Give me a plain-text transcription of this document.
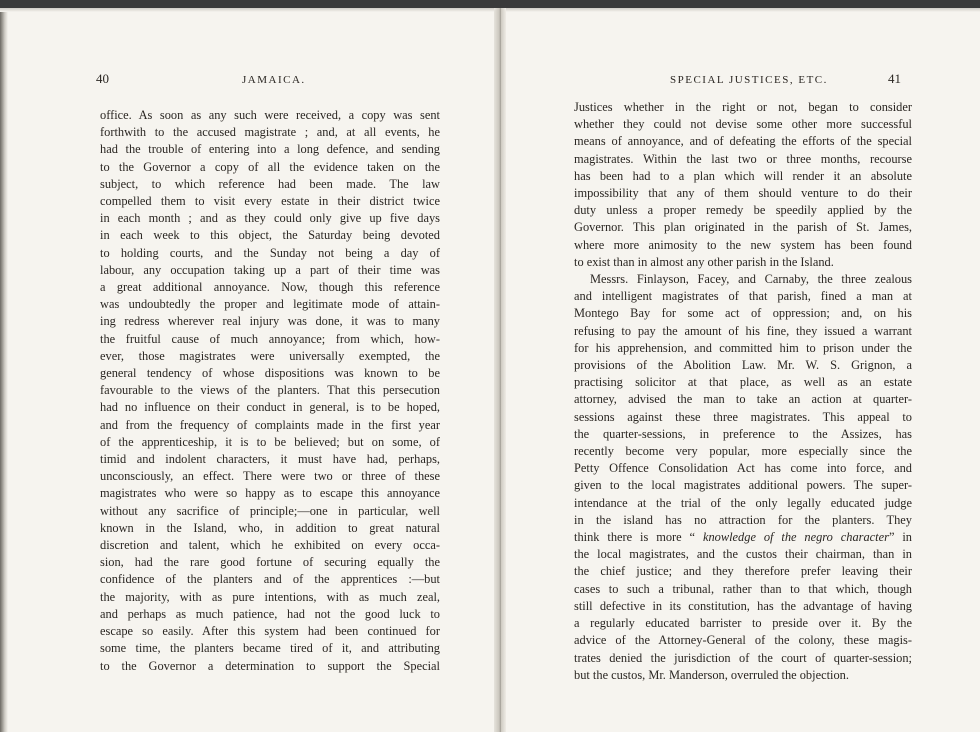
40	JAMAICA.	SPECIAL JUSTICES, ETC.	41
office. As soon as any such were received, a copy was sent
forthwith to the accused magistrate ; and, at all events, he
had the trouble of entering into a long defence, and sending
to the Governor a copy of all the evidence taken on the
subject, to which reference had been made. The law
compelled them to visit every estate in their district twice
in each month ; and as they could only give up five days
in each week to this object, the Saturday being devoted
to holding courts, and the Sunday not being a day of
labour, any occupation taking up a part of their time was
a great additional annoyance. Now, though this reference
was undoubtedly the proper and legitimate mode of attain-
ing redress wherever real injury was done, it was to many
the fruitful cause of much annoyance; from which, how-
ever, those magistrates were universally exempted, the
general tendency of whose dispositions was known to be
favourable to the views of the planters. That this persecution
had no influence on their conduct in general, is to be hoped,
and from the frequency of complaints made in the first year
of the apprenticeship, it is to be believed; but on some, of
timid and indolent characters, it must have had, perhaps,
unconsciously, an effect. There were two or three of these
magistrates who were so happy as to escape this annoyance
without any sacrifice of principle;—one in particular, well
known in the Island, who, in addition to great natural
discretion and talent, which he exhibited on every occa-
sion, had the rare good fortune of securing equally the
confidence of the planters and of the apprentices :—but
the majority, with as pure intentions, with as much zeal,
and perhaps as much patience, had not the good luck to
escape so easily. After this system had been continued for
some time, the planters became tired of it, and attributing
to the Governor a determination to support the Special
Justices whether in the right or not, began to consider
whether they could not devise some other more successful
means of annoyance, and of defeating the efforts of the special
magistrates. Within the last two or three months, recourse
has been had to a plan which will render it an absolute
impossibility that any of them should venture to do their
duty unless a proper remedy be speedily applied by the
Governor. This plan originated in the parish of St. James,
where more animosity to the new system has been found
to exist than in almost any other parish in the Island.
Messrs. Finlayson, Facey, and Carnaby, the three zealous
and intelligent magistrates of that parish, fined a man at
Montego Bay for some act of oppression; and, on his
refusing to pay the amount of his fine, they issued a warrant
for his apprehension, and committed him to prison under the
provisions of the Abolition Law. Mr. W. S. Grignon, a
practising solicitor at that place, as well as an estate
attorney, advised the man to take an action at quarter-
sessions against these three magistrates. This appeal to
the quarter-sessions, in preference to the Assizes, has
recently become very popular, more especially since the
Petty Offence Consolidation Act has come into force, and
given to the local magistrates additional powers. The super-
intendance at the trial of the only legally educated judge
in the island has no attraction for the planters. They
think there is more “ knowledge of the negro character” in
the local magistrates, and the custos their chairman, than in
the chief justice; and they therefore prefer leaving their
cases to such a tribunal, rather than to that which, though
still defective in its constitution, has the advantage of having
a regularly educated barrister to preside over it. By the
advice of the Attorney-General of the colony, these magis-
trates denied the jurisdiction of the court of quarter-session;
but the custos, Mr. Manderson, overruled the objection.
